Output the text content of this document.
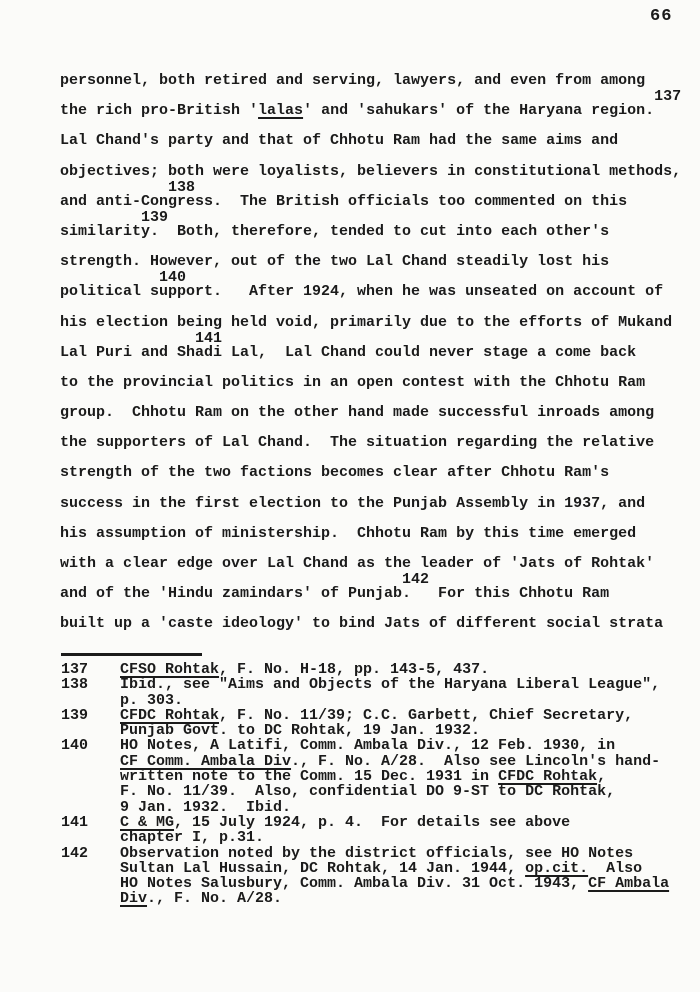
66
personnel, both retired and serving, lawyers, and even from among
137
the rich pro-British 'lalas' and 'sahukars' of the Haryana region.
Lal Chand's party and that of Chhotu Ram had the same aims and
objectives; both were loyalists, believers in constitutional methods,
138
and anti-Congress.  The British officials too commented on this
139
similarity.  Both, therefore, tended to cut into each other's
strength. However, out of the two Lal Chand steadily lost his
140
political support.   After 1924, when he was unseated on account of
his election being held void, primarily due to the efforts of Mukand
141
Lal Puri and Shadi Lal,  Lal Chand could never stage a come back
to the provincial politics in an open contest with the Chhotu Ram
group.  Chhotu Ram on the other hand made successful inroads among
the supporters of Lal Chand.  The situation regarding the relative
strength of the two factions becomes clear after Chhotu Ram's
success in the first election to the Punjab Assembly in 1937, and
his assumption of ministership.  Chhotu Ram by this time emerged
with a clear edge over Lal Chand as the leader of 'Jats of Rohtak'
142
and of the 'Hindu zamindars' of Punjab.   For this Chhotu Ram
built up a 'caste ideology' to bind Jats of different social strata
137	CFSO Rohtak, F. No. H-18, pp. 143-5, 437.
138	Ibid., see "Aims and Objects of the Haryana Liberal League",
p. 303.
139	CFDC Rohtak, F. No. 11/39; C.C. Garbett, Chief Secretary,
Punjab Govt. to DC Rohtak, 19 Jan. 1932.
140	HO Notes, A Latifi, Comm. Ambala Div., 12 Feb. 1930, in
CF Comm. Ambala Div., F. No. A/28.  Also see Lincoln's hand-
written note to the Comm. 15 Dec. 1931 in CFDC Rohtak,
F. No. 11/39.  Also, confidential DO 9-ST to DC Rohtak,
9 Jan. 1932.  Ibid.
141	C & MG, 15 July 1924, p. 4.  For details see above
chapter I, p.31.
142	Observation noted by the district officials, see HO Notes
Sultan Lal Hussain, DC Rohtak, 14 Jan. 1944, op.cit.  Also
HO Notes Salusbury, Comm. Ambala Div. 31 Oct. 1943, CF Ambala
Div., F. No. A/28.
